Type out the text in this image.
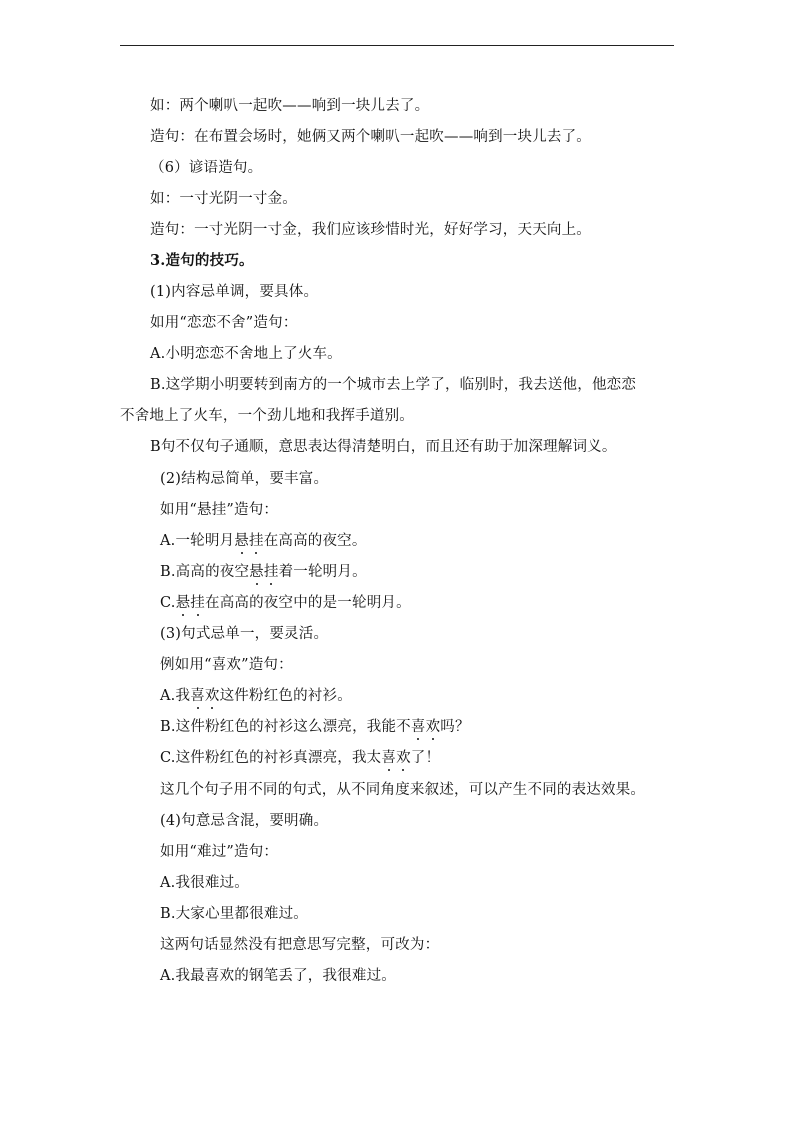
如：两个喇叭一起吹——响到一块儿去了。
造句：在布置会场时，她俩又两个喇叭一起吹——响到一块儿去了。
（6）谚语造句。
如：一寸光阴一寸金。
造句：一寸光阴一寸金，我们应该珍惜时光，好好学习，天天向上。
3.造句的技巧。
(1)内容忌单调，要具体。
如用“恋恋不舍”造句：
A.小明恋恋不舍地上了火车。
B.这学期小明要转到南方的一个城市去上学了，临别时，我去送他，他恋恋
不舍地上了火车，一个劲儿地和我挥手道别。
B句不仅句子通顺，意思表达得清楚明白，而且还有助于加深理解词义。
(2)结构忌简单，要丰富。
如用“悬挂”造句：
A.一轮明月悬挂在高高的夜空。
B.高高的夜空悬挂着一轮明月。
C.悬挂在高高的夜空中的是一轮明月。
(3)句式忌单一，要灵活。
例如用“喜欢”造句：
A.我喜欢这件粉红色的衬衫。
B.这件粉红色的衬衫这么漂亮，我能不喜欢吗？
C.这件粉红色的衬衫真漂亮，我太喜欢了！
这几个句子用不同的句式，从不同角度来叙述，可以产生不同的表达效果。
(4)句意忌含混，要明确。
如用“难过”造句：
A.我很难过。
B.大家心里都很难过。
这两句话显然没有把意思写完整，可改为：
A.我最喜欢的钢笔丢了，我很难过。
